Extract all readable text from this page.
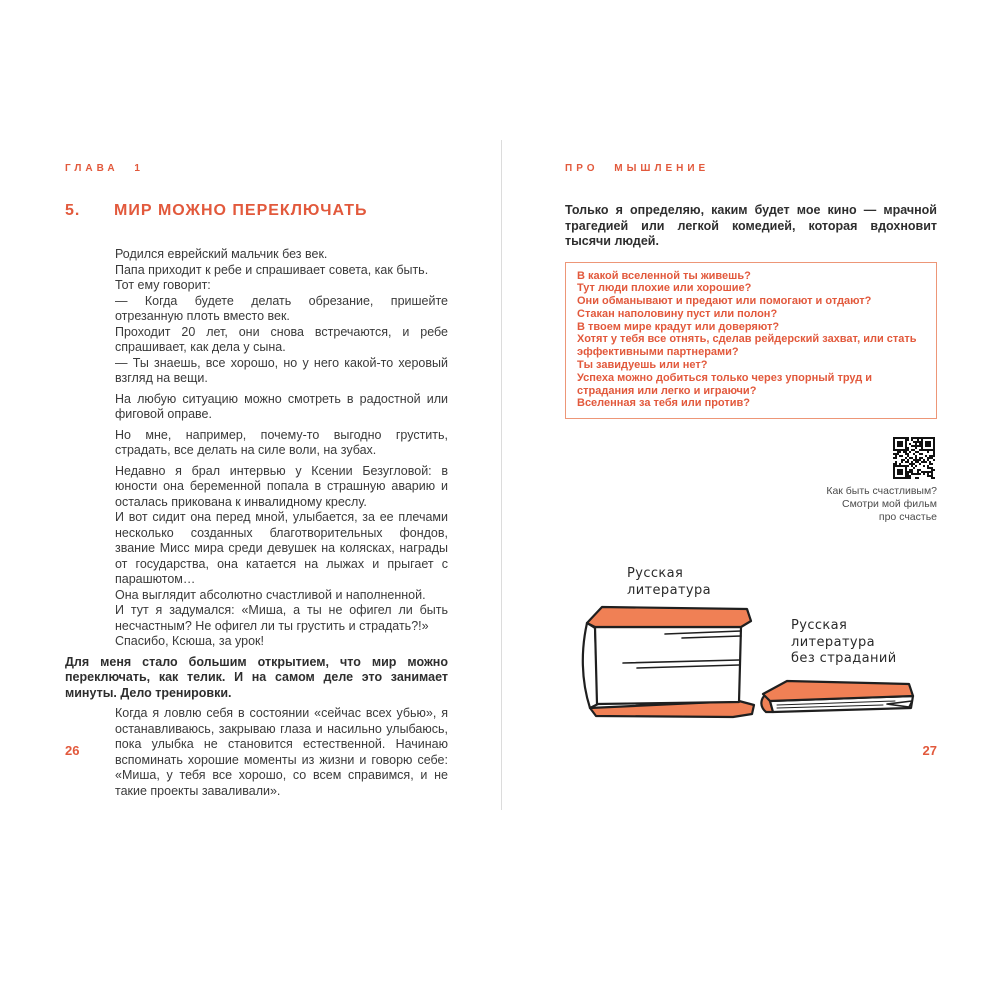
ГЛАВА 1
5.	МИР МОЖНО ПЕРЕКЛЮЧАТЬ
Родился еврейский мальчик без век.
Папа приходит к ребе и спрашивает совета, как быть.
Тот ему говорит:
— Когда будете делать обрезание, пришейте отрезанную плоть вместо век.
Проходит 20 лет, они снова встречаются, и ребе спрашивает, как дела у сына.
— Ты знаешь, все хорошо, но у него какой-то херовый взгляд на вещи.
На любую ситуацию можно смотреть в радостной или фиговой оправе.
Но мне, например, почему-то выгодно грустить, страдать, все делать на силе воли, на зубах.
Недавно я брал интервью у Ксении Безугловой: в юности она беременной попала в страшную аварию и осталась прикована к инвалидному креслу.
И вот сидит она перед мной, улыбается, за ее плечами несколько созданных благотворительных фондов, звание Мисс мира среди девушек на колясках, награды от государства, она катается на лыжах и прыгает с парашютом…
Она выглядит абсолютно счастливой и наполненной.
И тут я задумался: «Миша, а ты не офигел ли быть несчастным? Не офигел ли ты грустить и страдать?!»
Спасибо, Ксюша, за урок!
Для меня стало большим открытием, что мир можно переключать, как телик. И на самом деле это занимает минуты. Дело тренировки.
Когда я ловлю себя в состоянии «сейчас всех убью», я останавливаюсь, закрываю глаза и насильно улыбаюсь, пока улыбка не становится естественной. Начинаю вспоминать хорошие моменты из жизни и говорю себе: «Миша, у тебя все хорошо, со всем справимся, и не такие проекты заваливали».
26
ПРО МЫШЛЕНИЕ
Только я определяю, каким будет мое кино — мрачной трагедией или легкой комедией, которая вдохновит тысячи людей.
В какой вселенной ты живешь?
Тут люди плохие или хорошие?
Они обманывают и предают или помогают и отдают?
Стакан наполовину пуст или полон?
В твоем мире крадут или доверяют?
Хотят у тебя все отнять, сделав рейдерский захват, или стать эффективными партнерами?
Ты завидуешь или нет?
Успеха можно добиться только через упорный труд и страдания или легко и играючи?
Вселенная за тебя или против?
Как быть счастливым?
Смотри мой фильм
про счастье
Русская
литература
Русская
литература
без страданий
27
